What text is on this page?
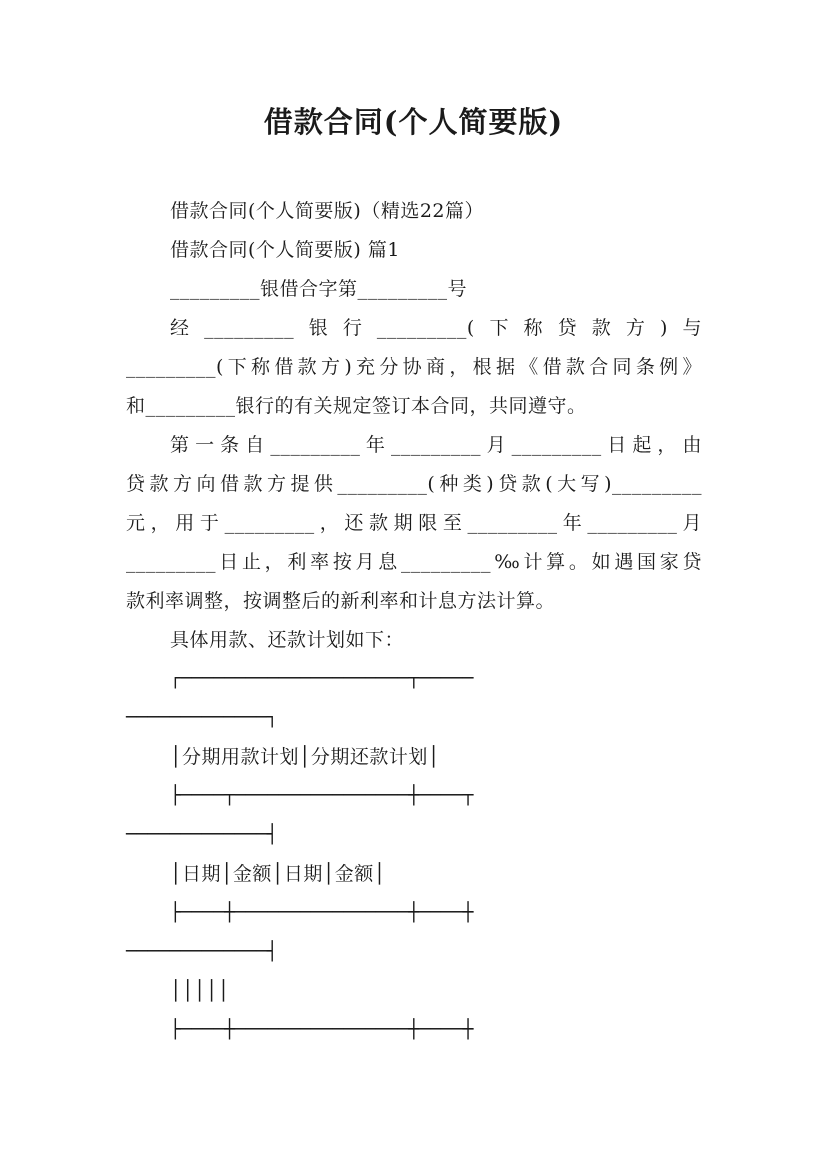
借款合同(个人简要版)
借款合同(个人简要版)（精选22篇）
借款合同(个人简要版) 篇1
_________银借合字第_________号
经_________银行_________(下称贷款方)与
_________(下称借款方)充分协商，根据《借款合同条例》
和_________银行的有关规定签订本合同，共同遵守。
第一条自_________年_________月_________日起，由
贷款方向借款方提供_________(种类)贷款(大写)_________
元，用于_________，还款期限至_________年_________月
_________日止，利率按月息_________‰计算。如遇国家贷
款利率调整，按调整后的新利率和计息方法计算。
具体用款、还款计划如下：
┌─────────────────────┬─────
─────────────┐
│分期用款计划│分期还款计划│
├────┬────────────────┼────┬
─────────────┤
│日期│金额│日期│金额│
├────┼────────────────┼────┼
─────────────┤
│││││
├────┼────────────────┼────┼
